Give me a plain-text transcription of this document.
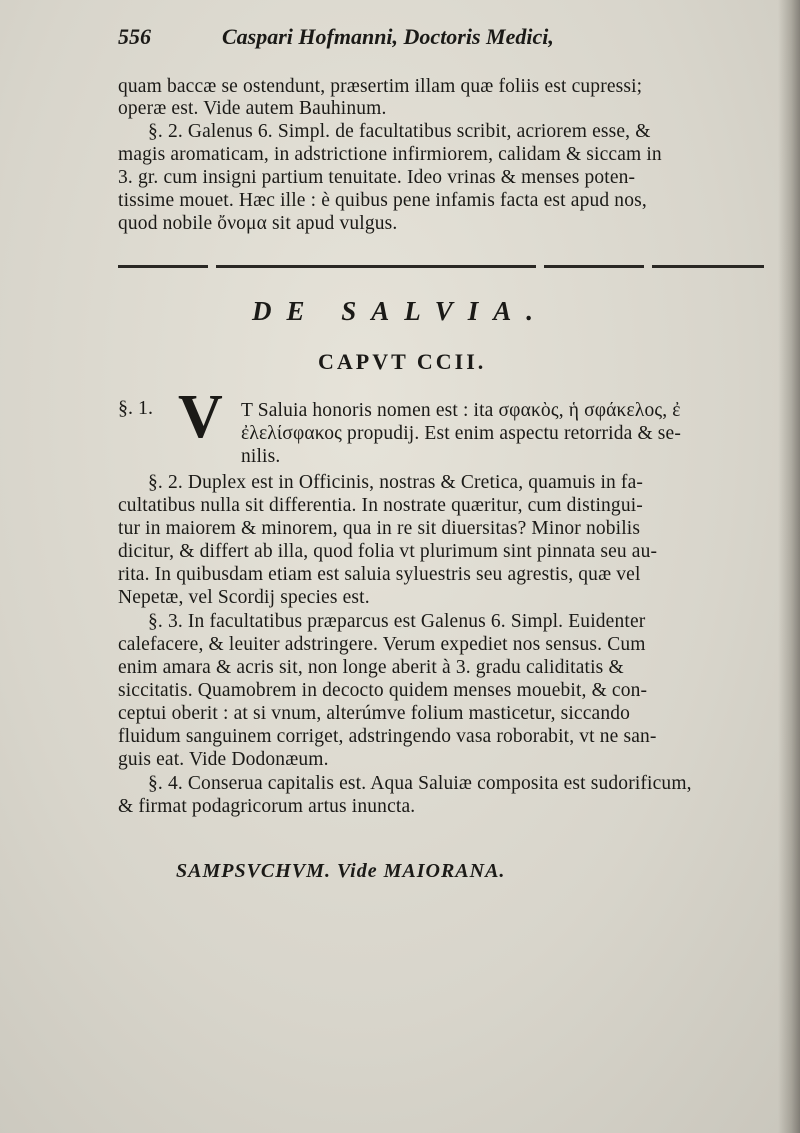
556	Caspari Hofmanni, Doctoris Medici,
quam baccæ se ostendunt, præsertim illam quæ foliis est cupressi;
operæ est. Vide autem Bauhinum.
§. 2. Galenus 6. Simpl. de facultatibus scribit, acriorem esse, &
magis aromaticam, in adstrictione infirmiorem, calidam & siccam in
3. gr. cum insigni partium tenuitate. Ideo vrinas & menses poten-
tissime mouet. Hæc ille : è quibus pene infamis facta est apud nos,
quod nobile ὄνομα sit apud vulgus.
DE SALVIA.
CAPVT CCII.
§. 1. V T Saluia honoris nomen est : ita σφακὸς, ἡ σφάκελος, ἐ
ἐλελίσφακος propudij. Est enim aspectu retorrida & se-
nilis.
§. 2. Duplex est in Officinis, nostras & Cretica, quamuis in fa-
cultatibus nulla sit differentia. In nostrate quæritur, cum distingui-
tur in maiorem & minorem, qua in re sit diuersitas? Minor nobilis
dicitur, & differt ab illa, quod folia vt plurimum sint pinnata seu au-
rita. In quibusdam etiam est saluia syluestris seu agrestis, quæ vel
Nepetæ, vel Scordij species est.
§. 3. In facultatibus præparcus est Galenus 6. Simpl. Euidenter
calefacere, & leuiter adstringere. Verum expediet nos sensus. Cum
enim amara & acris sit, non longe aberit à 3. gradu caliditatis &
siccitatis. Quamobrem in decocto quidem menses mouebit, & con-
ceptui oberit : at si vnum, alterúmve folium masticetur, siccando
fluidum sanguinem corriget, adstringendo vasa roborabit, vt ne san-
guis eat. Vide Dodonæum.
§. 4. Conserua capitalis est. Aqua Saluiæ composita est sudorificum,
& firmat podagricorum artus inuncta.
SAMPSVCHVM. Vide MAIORANA.
